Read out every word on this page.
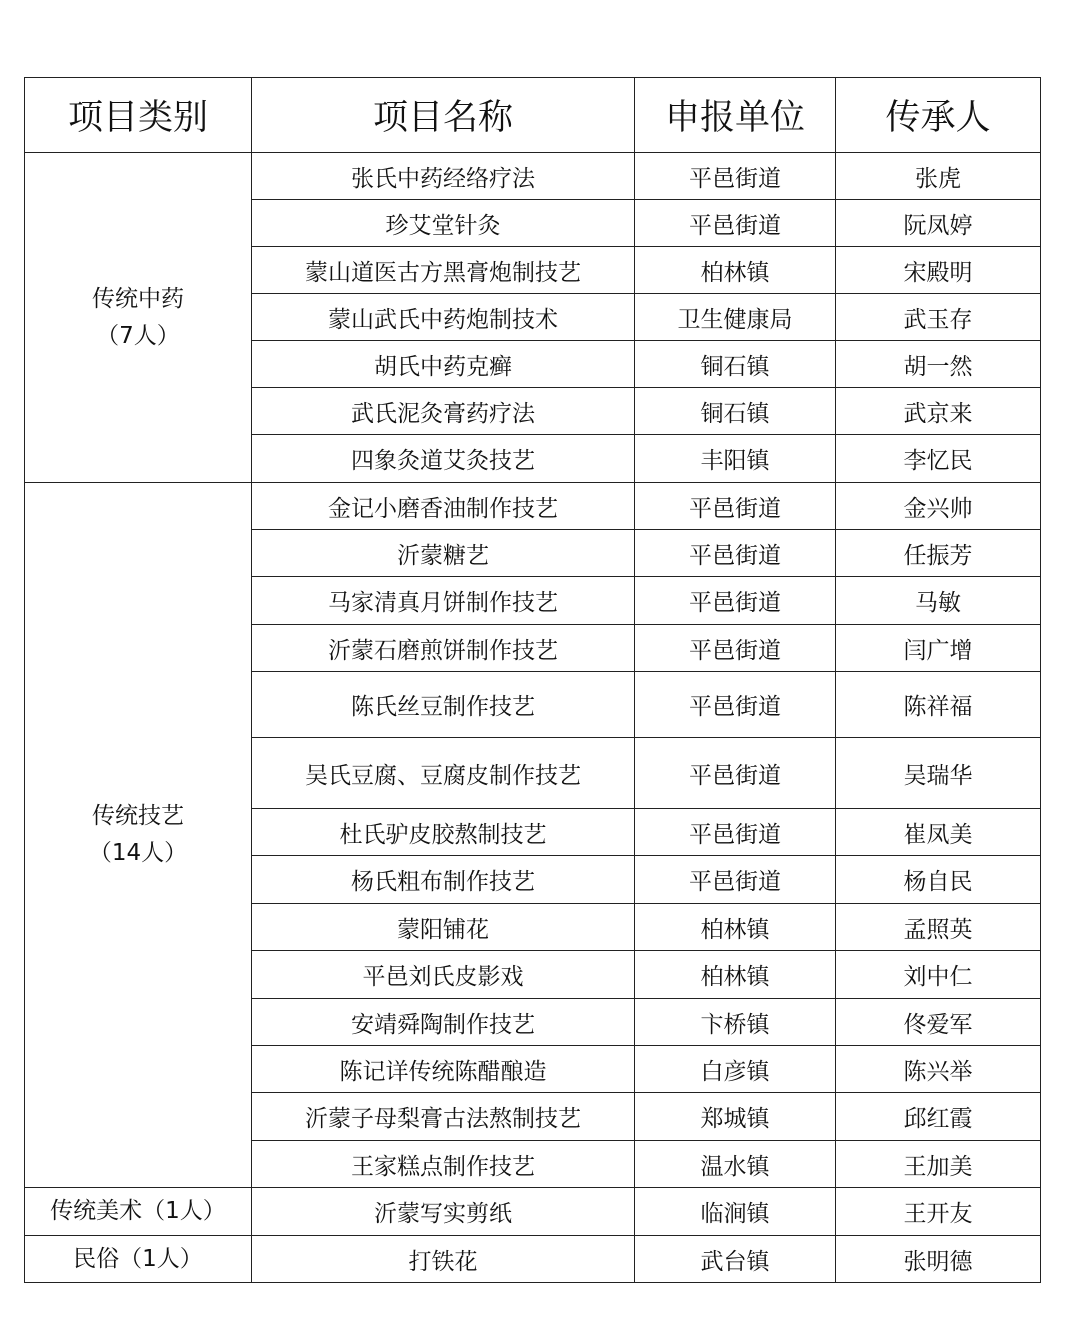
项目类别	项目名称	申报单位	传承人

传统中药
（7人）	张氏中药经络疗法	平邑街道	张虎
	珍艾堂针灸	平邑街道	阮凤婷
	蒙山道医古方黑膏炮制技艺	柏林镇	宋殿明
	蒙山武氏中药炮制技术	卫生健康局	武玉存
	胡氏中药克癣	铜石镇	胡一然
	武氏泥灸膏药疗法	铜石镇	武京来
	四象灸道艾灸技艺	丰阳镇	李忆民

传统技艺
（14人）	金记小磨香油制作技艺	平邑街道	金兴帅
	沂蒙糖艺	平邑街道	任振芳
	马家清真月饼制作技艺	平邑街道	马敏
	沂蒙石磨煎饼制作技艺	平邑街道	闫广增
	陈氏丝豆制作技艺	平邑街道	陈祥福
	吴氏豆腐、豆腐皮制作技艺	平邑街道	吴瑞华
	杜氏驴皮胶熬制技艺	平邑街道	崔凤美
	杨氏粗布制作技艺	平邑街道	杨自民
	蒙阳铺花	柏林镇	孟照英
	平邑刘氏皮影戏	柏林镇	刘中仁
	安靖舜陶制作技艺	卞桥镇	佟爱军
	陈记详传统陈醋酿造	白彦镇	陈兴举
	沂蒙子母梨膏古法熬制技艺	郑城镇	邱红霞
	王家糕点制作技艺	温水镇	王加美
传统美术（1人）	沂蒙写实剪纸	临涧镇	王开友
民俗（1人）	打铁花	武台镇	张明德
